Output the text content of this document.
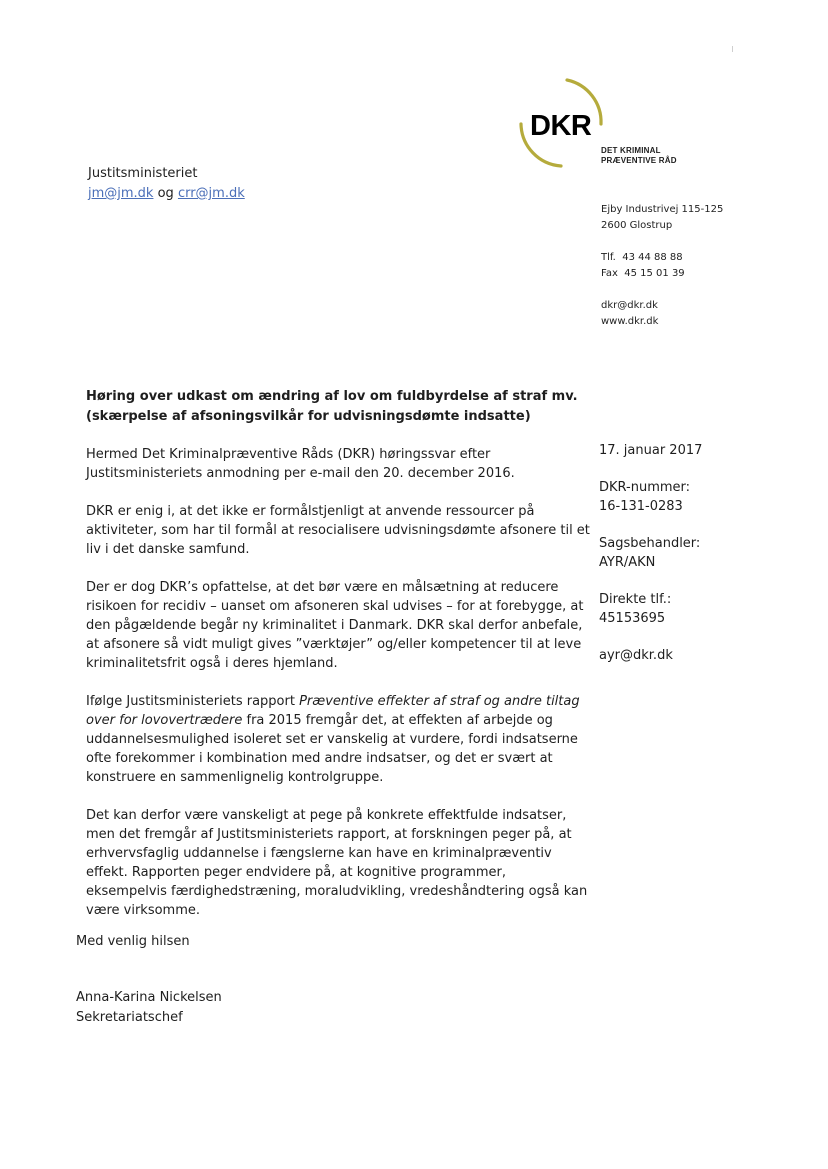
DKR
DET KRIMINAL
PRÆVENTIVE RÅD
Justitsministeriet
jm@jm.dk og crr@jm.dk
Ejby Industrivej 115-125
2600 Glostrup
Tlf.  43 44 88 88
Fax  45 15 01 39
dkr@dkr.dk
www.dkr.dk
Høring over udkast om ændring af lov om fuldbyrdelse af straf mv.
(skærpelse af afsoningsvilkår for udvisningsdømte indsatte)

Hermed Det Kriminalpræventive Råds (DKR) høringssvar efter Justitsministeriets anmodning per e-mail den 20. december 2016.

DKR er enig i, at det ikke er formålstjenligt at anvende ressourcer på aktiviteter, som har til formål at resocialisere udvisningsdømte afsonere til et liv i det danske samfund.

Der er dog DKR’s opfattelse, at det bør være en målsætning at reducere risikoen for recidiv – uanset om afsoneren skal udvises – for at forebygge, at den pågældende begår ny kriminalitet i Danmark. DKR skal derfor anbefale, at afsonere så vidt muligt gives ”værktøjer” og/eller kompetencer til at leve kriminalitetsfrit også i deres hjemland.

Ifølge Justitsministeriets rapport Præventive effekter af straf og andre tiltag over for lovovertrædere fra 2015 fremgår det, at effekten af arbejde og uddannelsesmulighed isoleret set er vanskelig at vurdere, fordi indsatserne ofte forekommer i kombination med andre indsatser, og det er svært at konstruere en sammenlignelig kontrolgruppe.

Det kan derfor være vanskeligt at pege på konkrete effektfulde indsatser, men det fremgår af Justitsministeriets rapport, at forskningen peger på, at erhvervsfaglig uddannelse i fængslerne kan have en kriminalpræventiv effekt. Rapporten peger endvidere på, at kognitive programmer, eksempelvis færdighedstræning, moraludvikling, vredeshåndtering også kan være virksomme.

17. januar 2017
DKR-nummer:
16-131-0283
Sagsbehandler:
AYR/AKN
Direkte tlf.:
45153695
ayr@dkr.dk
Med venlig hilsen
Anna-Karina Nickelsen
Sekretariatschef
